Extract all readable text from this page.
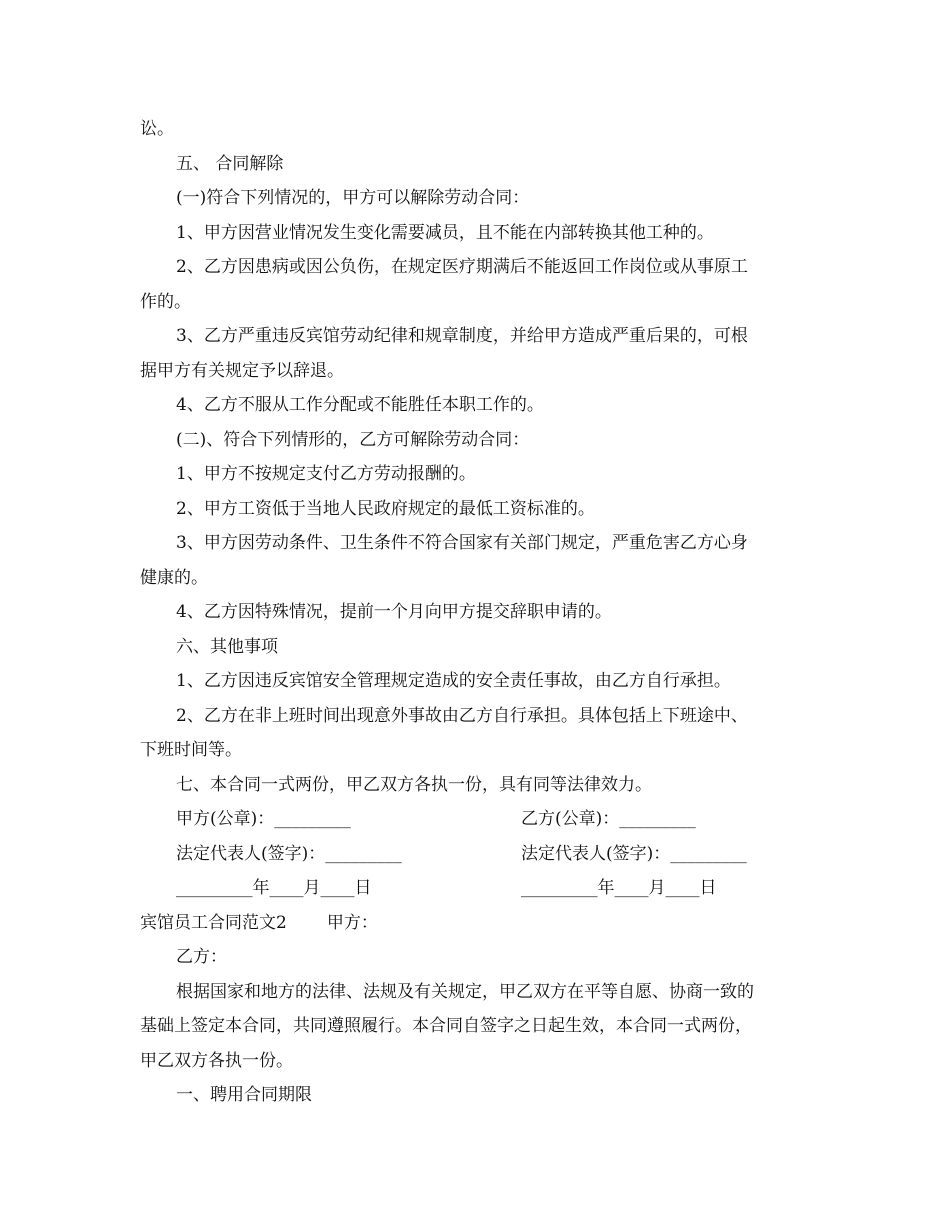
讼。

五、 合同解除

(一)符合下列情况的，甲方可以解除劳动合同：

1、甲方因营业情况发生变化需要减员，且不能在内部转换其他工种的。

2、乙方因患病或因公负伤，在规定医疗期满后不能返回工作岗位或从事原工

作的。

3、乙方严重违反宾馆劳动纪律和规章制度，并给甲方造成严重后果的，可根

据甲方有关规定予以辞退。

4、乙方不服从工作分配或不能胜任本职工作的。

(二)、符合下列情形的，乙方可解除劳动合同：

1、甲方不按规定支付乙方劳动报酬的。

2、甲方工资低于当地人民政府规定的最低工资标准的。

3、甲方因劳动条件、卫生条件不符合国家有关部门规定，严重危害乙方心身

健康的。

4、乙方因特殊情况，提前一个月向甲方提交辞职申请的。

六、其他事项

1、乙方因违反宾馆安全管理规定造成的安全责任事故，由乙方自行承担。

2、乙方在非上班时间出现意外事故由乙方自行承担。具体包括上下班途中、

下班时间等。

七、本合同一式两份，甲乙双方各执一份，具有同等法律效力。

甲方(公章)：_________	乙方(公章)：_________
法定代表人(签字)：_________	法定代表人(签字)：_________
_________年____月____日	_________年____月____日
宾馆员工合同范文2 甲方：

乙方：

根据国家和地方的法律、法规及有关规定，甲乙双方在平等自愿、协商一致的

基础上签定本合同，共同遵照履行。本合同自签字之日起生效，本合同一式两份，

甲乙双方各执一份。

一、聘用合同期限
